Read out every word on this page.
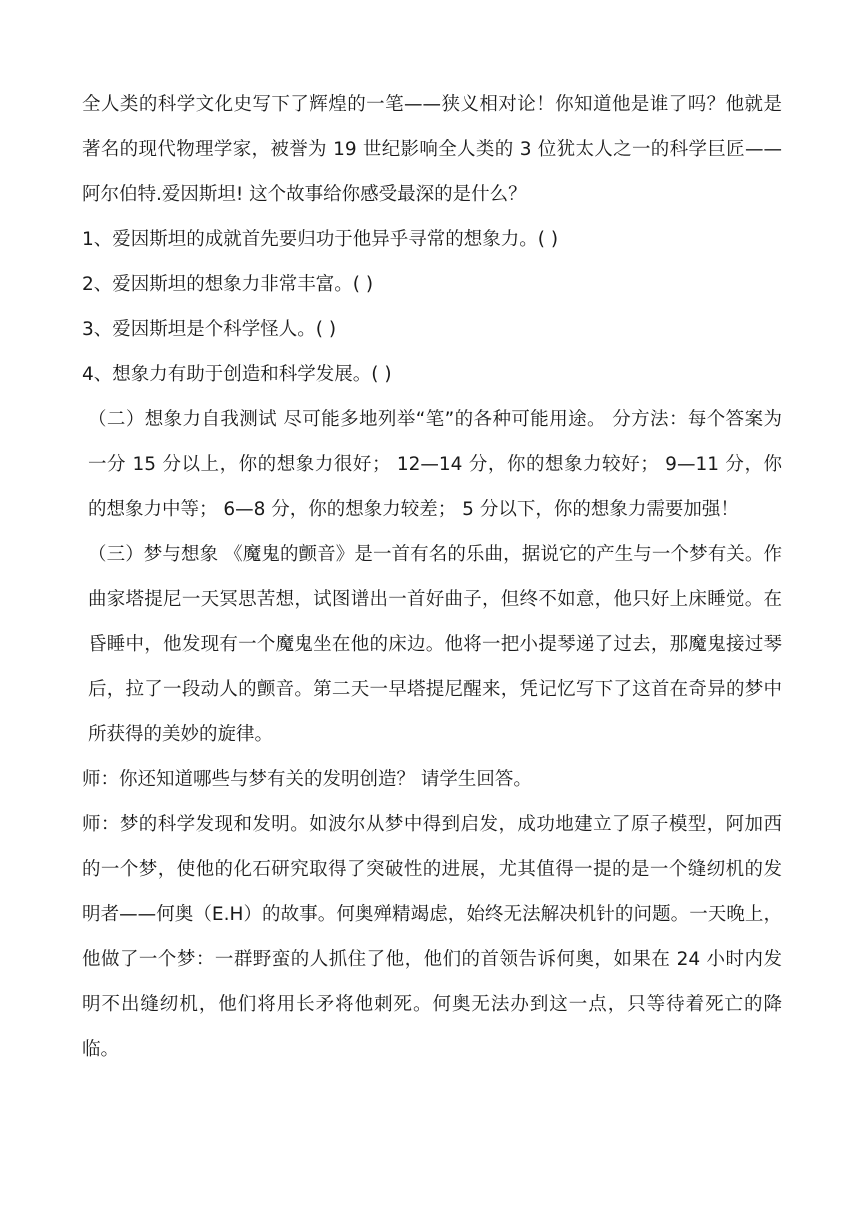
全人类的科学文化史写下了辉煌的一笔——狭义相对论！你知道他是谁了吗？他就是著名的现代物理学家，被誉为 19 世纪影响全人类的 3 位犹太人之一的科学巨匠——阿尔伯特.爱因斯坦! 这个故事给你感受最深的是什么？

1、爱因斯坦的成就首先要归功于他异乎寻常的想象力。( )

2、爱因斯坦的想象力非常丰富。( )

3、爱因斯坦是个科学怪人。( )

4、想象力有助于创造和科学发展。( )

（二）想象力自我测试 尽可能多地列举“笔”的各种可能用途。 分方法：每个答案为一分 15 分以上，你的想象力很好； 12—14 分，你的想象力较好； 9—11 分，你的想象力中等； 6—8 分，你的想象力较差； 5 分以下，你的想象力需要加强！

（三）梦与想象 《魔鬼的颤音》是一首有名的乐曲，据说它的产生与一个梦有关。作曲家塔提尼一天冥思苦想，试图谱出一首好曲子，但终不如意，他只好上床睡觉。在昏睡中，他发现有一个魔鬼坐在他的床边。他将一把小提琴递了过去，那魔鬼接过琴后，拉了一段动人的颤音。第二天一早塔提尼醒来，凭记忆写下了这首在奇异的梦中所获得的美妙的旋律。

师：你还知道哪些与梦有关的发明创造？ 请学生回答。

师：梦的科学发现和发明。如波尔从梦中得到启发，成功地建立了原子模型，阿加西的一个梦，使他的化石研究取得了突破性的进展，尤其值得一提的是一个缝纫机的发明者——何奥（E.H）的故事。何奥殚精竭虑，始终无法解决机针的问题。一天晚上，他做了一个梦：一群野蛮的人抓住了他，他们的首领告诉何奥，如果在 24 小时内发明不出缝纫机，他们将用长矛将他刺死。何奥无法办到这一点，只等待着死亡的降临。
